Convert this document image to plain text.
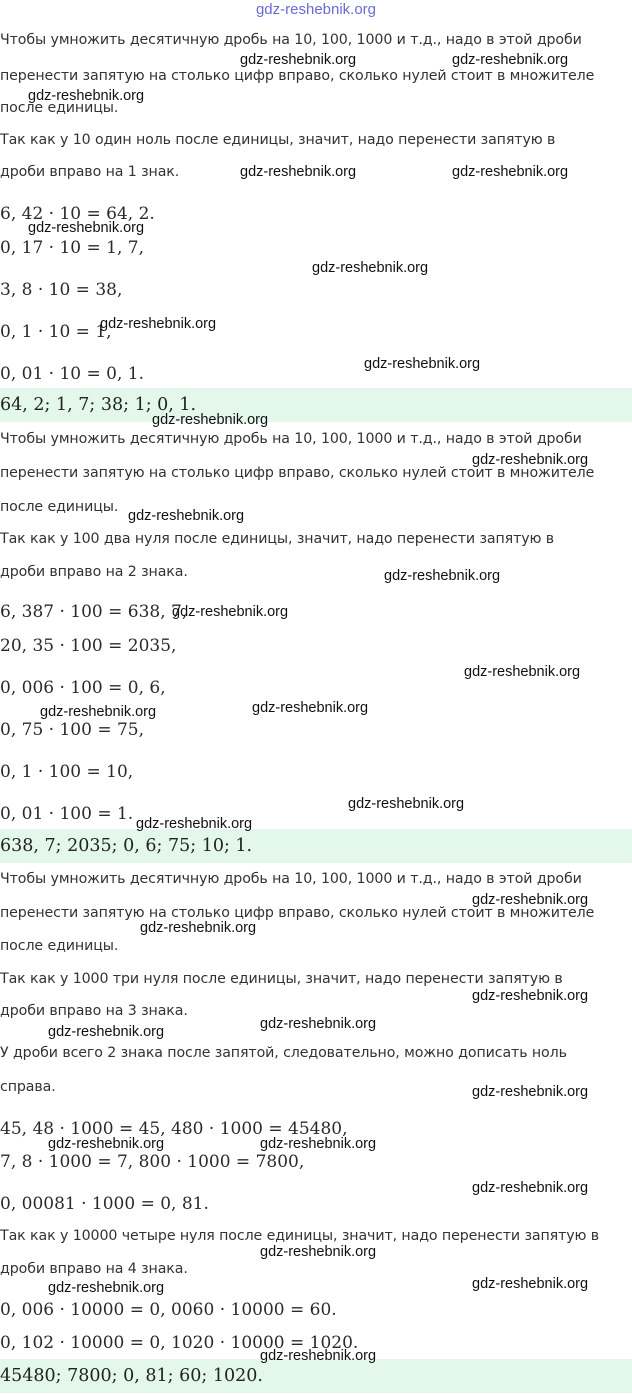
gdz-reshebnik.org
Чтобы умножить десятичную дробь на 10, 100, 1000 и т.д., надо в этой дроби
перенести запятую на столько цифр вправо, сколько нулей стоит в множителе
после единицы.
Так как у 10 один ноль после единицы, значит, надо перенести запятую в
дроби вправо на 1 знак.
6, 42 · 10 = 64, 2.
0, 17 · 10 = 1, 7,
3, 8 · 10 = 38,
0, 1 · 10 = 1,
0, 01 · 10 = 0, 1.
64, 2; 1, 7; 38; 1; 0, 1.
Чтобы умножить десятичную дробь на 10, 100, 1000 и т.д., надо в этой дроби
перенести запятую на столько цифр вправо, сколько нулей стоит в множителе
после единицы.
Так как у 100 два нуля после единицы, значит, надо перенести запятую в
дроби вправо на 2 знака.
6, 387 · 100 = 638, 7,
20, 35 · 100 = 2035,
0, 006 · 100 = 0, 6,
0, 75 · 100 = 75,
0, 1 · 100 = 10,
0, 01 · 100 = 1.
638, 7; 2035; 0, 6; 75; 10; 1.
Чтобы умножить десятичную дробь на 10, 100, 1000 и т.д., надо в этой дроби
перенести запятую на столько цифр вправо, сколько нулей стоит в множителе
после единицы.
Так как у 1000 три нуля после единицы, значит, надо перенести запятую в
дроби вправо на 3 знака.
У дроби всего 2 знака после запятой, следовательно, можно дописать ноль
справа.
45, 48 · 1000 = 45, 480 · 1000 = 45480,
7, 8 · 1000 = 7, 800 · 1000 = 7800,
0, 00081 · 1000 = 0, 81.
Так как у 10000 четыре нуля после единицы, значит, надо перенести запятую в
дроби вправо на 4 знака.
0, 006 · 10000 = 0, 0060 · 10000 = 60.
0, 102 · 10000 = 0, 1020 · 10000 = 1020.
45480; 7800; 0, 81; 60; 1020.
gdz-reshebnik.org	gdz-reshebnik.org
gdz-reshebnik.org
gdz-reshebnik.org	gdz-reshebnik.org
gdz-reshebnik.org
gdz-reshebnik.org
gdz-reshebnik.org
gdz-reshebnik.org
gdz-reshebnik.org
gdz-reshebnik.org
gdz-reshebnik.org
gdz-reshebnik.org
gdz-reshebnik.org
gdz-reshebnik.org
gdz-reshebnik.org	gdz-reshebnik.org
gdz-reshebnik.org
gdz-reshebnik.org
gdz-reshebnik.org
gdz-reshebnik.org
gdz-reshebnik.org
gdz-reshebnik.org	gdz-reshebnik.org
gdz-reshebnik.org
gdz-reshebnik.org	gdz-reshebnik.org
gdz-reshebnik.org
gdz-reshebnik.org
gdz-reshebnik.org	gdz-reshebnik.org
gdz-reshebnik.org
